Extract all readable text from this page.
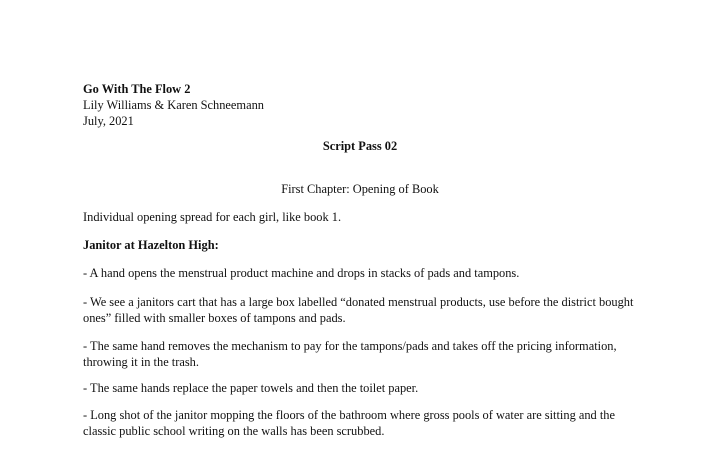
Go With The Flow 2
Lily Williams & Karen Schneemann
July, 2021
Script Pass 02
First Chapter: Opening of Book
Individual opening spread for each girl, like book 1.
Janitor at Hazelton High:
- A hand opens the menstrual product machine and drops in stacks of pads and tampons.
- We see a janitors cart that has a large box labelled “donated menstrual products, use before the district bought ones” filled with smaller boxes of tampons and pads.
- The same hand removes the mechanism to pay for the tampons/pads and takes off the pricing information, throwing it in the trash.
- The same hands replace the paper towels and then the toilet paper.
- Long shot of the janitor mopping the floors of the bathroom where gross pools of water are sitting and the classic public school writing on the walls has been scrubbed.
